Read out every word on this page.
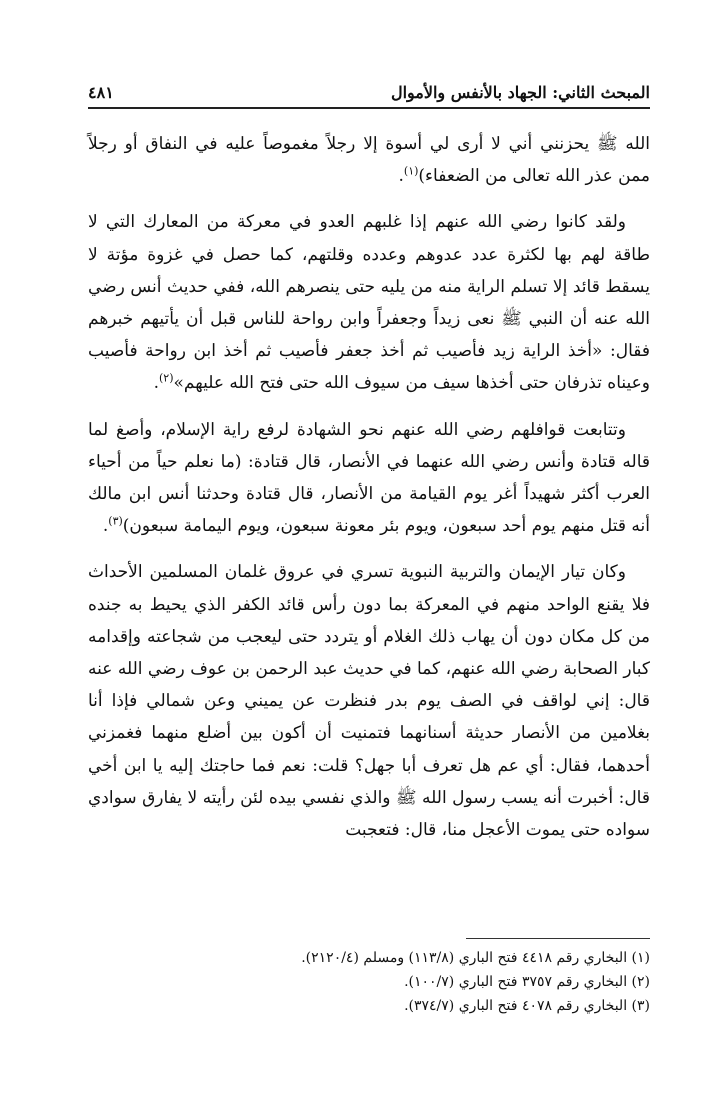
المبحث الثاني: الجهاد بالأنفس والأموال
٤٨١

الله ﷺ يحزنني أني لا أرى لي أسوة إلا رجلاً مغموصاً عليه في النفاق أو رجلاً ممن عذر الله تعالى من الضعفاء)$^{(١)}$.

ولقد كانوا رضي الله عنهم إذا غلبهم العدو في معركة من المعارك التي لا طاقة لهم بها لكثرة عدد عدوهم وعدده وقلتهم، كما حصل في غزوة مؤتة لا يسقط قائد إلا تسلم الراية منه من يليه حتى ينصرهم الله، ففي حديث أنس رضي الله عنه أن النبي ﷺ نعى زيداً وجعفراً وابن رواحة للناس قبل أن يأتيهم خبرهم فقال: «أخذ الراية زيد فأصيب ثم أخذ جعفر فأصيب ثم أخذ ابن رواحة فأصيب وعيناه تذرفان حتى أخذها سيف من سيوف الله حتى فتح الله عليهم»$^{(٢)}$.

وتتابعت قوافلهم رضي الله عنهم نحو الشهادة لرفع راية الإسلام، وأصغ لما قاله قتادة وأنس رضي الله عنهما في الأنصار، قال قتادة: (ما نعلم حياً من أحياء العرب أكثر شهيداً أغر يوم القيامة من الأنصار، قال قتادة وحدثنا أنس ابن مالك أنه قتل منهم يوم أحد سبعون، ويوم بئر معونة سبعون، ويوم اليمامة سبعون)$^{(٣)}$.

وكان تيار الإيمان والتربية النبوية تسري في عروق غلمان المسلمين الأحداث فلا يقنع الواحد منهم في المعركة بما دون رأس قائد الكفر الذي يحيط به جنده من كل مكان دون أن يهاب ذلك الغلام أو يتردد حتى ليعجب من شجاعته وإقدامه كبار الصحابة رضي الله عنهم، كما في حديث عبد الرحمن بن عوف رضي الله عنه قال: إني لواقف في الصف يوم بدر فنظرت عن يميني وعن شمالي فإذا أنا بغلامين من الأنصار حديثة أسنانهما فتمنيت أن أكون بين أضلع منهما فغمزني أحدهما، فقال: أي عم هل تعرف أبا جهل؟ قلت: نعم فما حاجتك إليه يا ابن أخي قال: أخبرت أنه يسب رسول الله ﷺ والذي نفسي بيده لئن رأيته لا يفارق سوادي سواده حتى يموت الأعجل منا، قال: فتعجبت

(١) البخاري رقم ٤٤١٨ فتح الباري (١١٣/٨) ومسلم (٢١٢٠/٤).
(٢) البخاري رقم ٣٧٥٧ فتح الباري (١٠٠/٧).
(٣) البخاري رقم ٤٠٧٨ فتح الباري (٣٧٤/٧).
